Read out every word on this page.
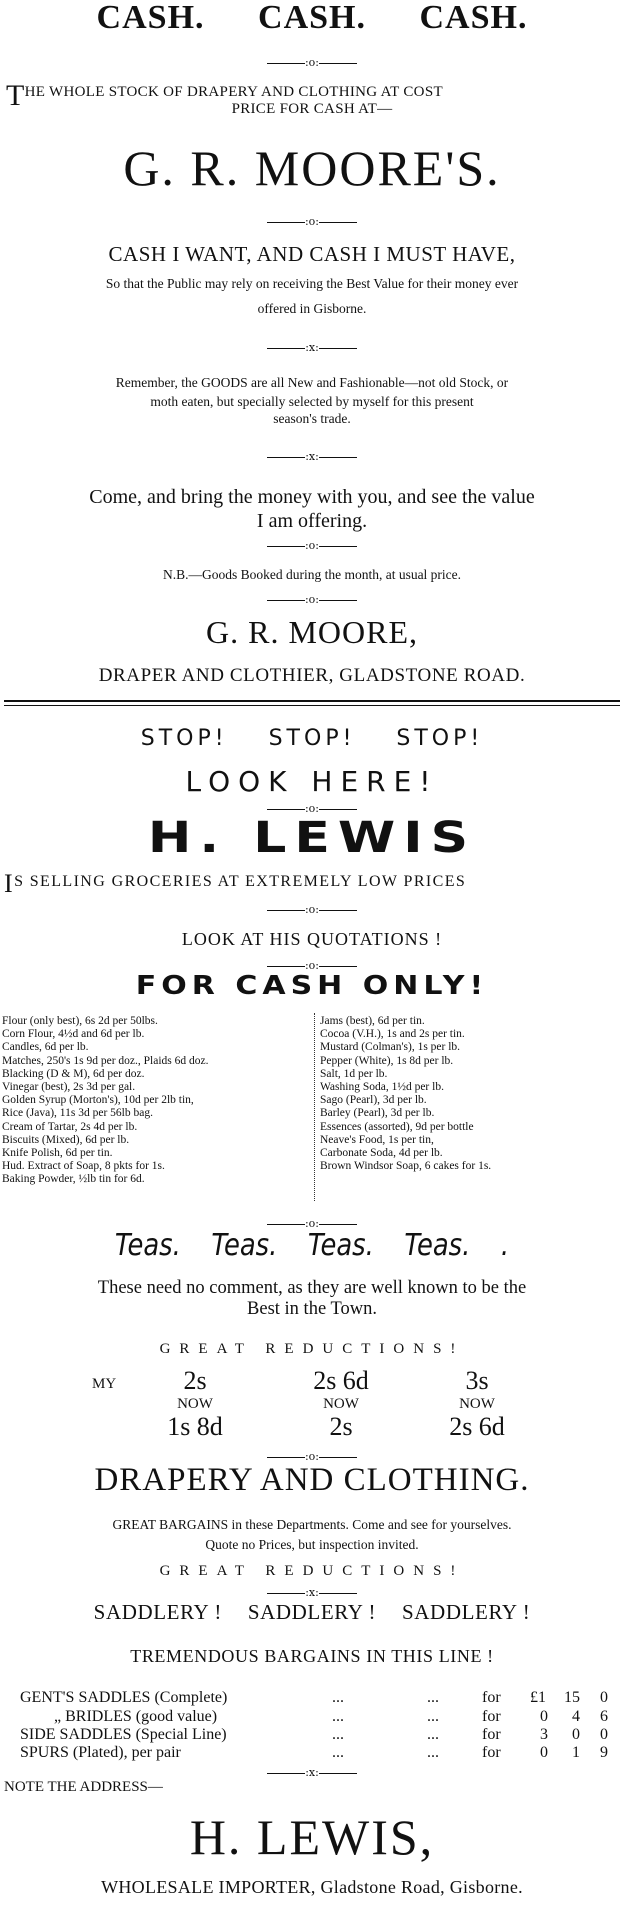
CASH. CASH. CASH.
:o:
THE WHOLE STOCK OF DRAPERY AND CLOTHING AT COST
PRICE FOR CASH AT—
G. R. MOORE'S.
:o:
CASH I WANT, AND CASH I MUST HAVE,
So that the Public may rely on receiving the Best Value for their money ever
offered in Gisborne.
:x:
Remember, the GOODS are all New and Fashionable—not old Stock, or
moth eaten, but specially selected by myself for this present
season's trade.
:x:
Come, and bring the money with you, and see the value
I am offering.
:o:
N.B.—Goods Booked during the month, at usual price.
:o:
G. R. MOORE,
DRAPER AND CLOTHIER, GLADSTONE ROAD.
STOP! STOP! STOP!
LOOK HERE!
:o:
H. LEWIS
IS SELLING GROCERIES AT EXTREMELY LOW PRICES
:o:
LOOK AT HIS QUOTATIONS !
:o:
FOR CASH ONLY!
Flour (only best), 6s 2d per 50lbs.
Corn Flour, 4½d and 6d per lb.
Candles, 6d per lb.
Matches, 250's 1s 9d per doz., Plaids 6d doz.
Blacking (D & M), 6d per doz.
Vinegar (best), 2s 3d per gal.
Golden Syrup (Morton's), 10d per 2lb tin,
Rice (Java), 11s 3d per 56lb bag.
Cream of Tartar, 2s 4d per lb.
Biscuits (Mixed), 6d per lb.
Knife Polish, 6d per tin.
Hud. Extract of Soap, 8 pkts for 1s.
Baking Powder, ½lb tin for 6d.
Jams (best), 6d per tin.
Cocoa (V.H.), 1s and 2s per tin.
Mustard (Colman's), 1s per lb.
Pepper (White), 1s 8d per lb.
Salt, 1d per lb.
Washing Soda, 1½d per lb.
Sago (Pearl), 3d per lb.
Barley (Pearl), 3d per lb.
Essences (assorted), 9d per bottle
Neave's Food, 1s per tin,
Carbonate Soda, 4d per lb.
Brown Windsor Soap, 6 cakes for 1s.
:o:
Teas. Teas. Teas. Teas. .
These need no comment, as they are well known to be the
Best in the Town.
GREAT REDUCTIONS!
MY	2s	2s 6d	3s
NOW	NOW	NOW
1s 8d	2s	2s 6d
:o:
DRAPERY AND CLOTHING.
GREAT BARGAINS in these Departments. Come and see for yourselves.
Quote no Prices, but inspection invited.
GREAT REDUCTIONS!
:x:
SADDLERY ! SADDLERY ! SADDLERY !
TREMENDOUS BARGAINS IN THIS LINE !
GENT'S SADDLES (Complete)	...	...	for £1 15 0
„ BRIDLES (good value)	...	...	for 0 4 6
SIDE SADDLES (Special Line)	...	...	for 3 0 0
SPURS (Plated), per pair	...	...	for 0 1 9
:x:
NOTE THE ADDRESS—
H. LEWIS,
WHOLESALE IMPORTER, Gladstone Road, Gisborne.
